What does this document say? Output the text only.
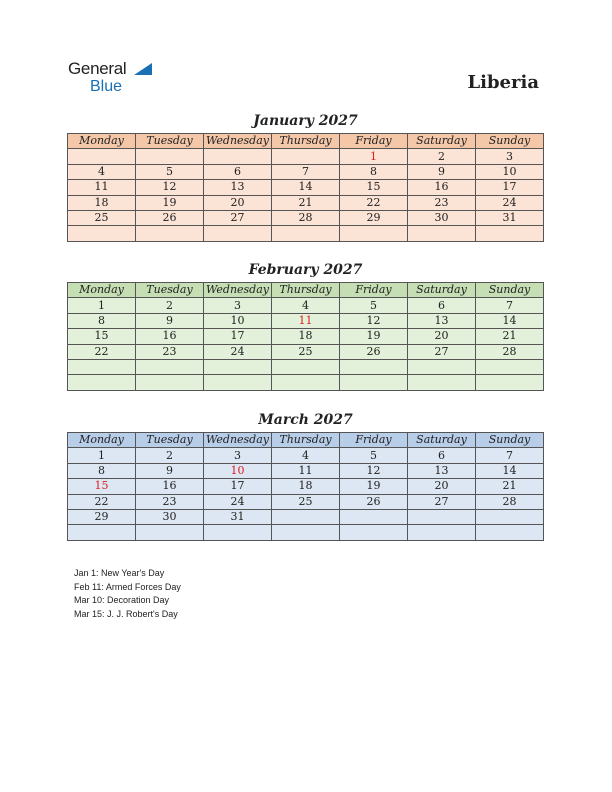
General
Blue	Liberia
January 2027
Monday	Tuesday	Wednesday	Thursday	Friday	Saturday	Sunday
				1	2	3
4	5	6	7	8	9	10
11	12	13	14	15	16	17
18	19	20	21	22	23	24
25	26	27	28	29	30	31

February 2027
Monday	Tuesday	Wednesday	Thursday	Friday	Saturday	Sunday
1	2	3	4	5	6	7
8	9	10	11	12	13	14
15	16	17	18	19	20	21
22	23	24	25	26	27	28

March 2027
Monday	Tuesday	Wednesday	Thursday	Friday	Saturday	Sunday
1	2	3	4	5	6	7
8	9	10	11	12	13	14
15	16	17	18	19	20	21
22	23	24	25	26	27	28
29	30	31				

Jan 1: New Year's Day
Feb 11: Armed Forces Day
Mar 10: Decoration Day
Mar 15: J. J. Robert's Day
